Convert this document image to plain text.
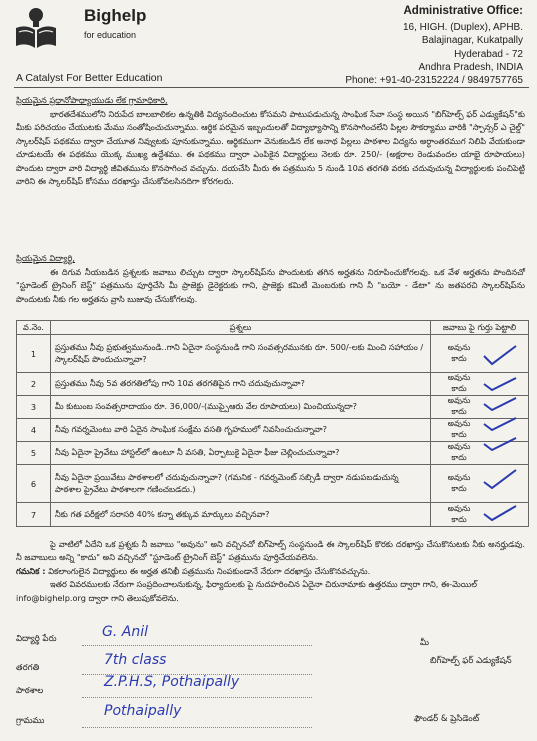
Bighelp
for education
A Catalyst For Better Education
Administrative Office:
16, HIGH. (Duplex), APHB.
Balajinagar, Kukatpally
Hyderabad - 72
Andhra Pradesh, INDIA
Phone: +91-40-23152224 / 9849757765

ప్రియమైన ప్రధానోపాధ్యాయుడు లేక గ్రామాధికారి,

భారతదేశములోని నిరుపేద బాలబాలికల ఉన్నతికి విద్యనందించుట కోసమని పాటుపడుచున్న సాంఘిక సేవా సంస్థ అయిన "బిగ్‌హెల్ప్ ఫర్ ఎడ్యుకేషన్"కు మీకు పరిచయం చేయుటకు మేము సంతోషించుచున్నాము. ఆర్థిక పరమైన ఇబ్బందులతో విద్యాభ్యాసాన్ని కొనసాగించలేని పిల్లల సౌకర్యాము వారికి "స్పాన్సర్ ఎ చైల్డ్" స్కాలర్‌షిప్ పథకము ద్వారా చేయూత నివ్వుటకు పూనుకున్నాము. ఆర్థికముగా వెనుకబడిన లేక అనాథ పిల్లలు పాఠశాల విద్యను అర్ధాంతరముగ నిలిపి వేయకుండా చూడుటయే ఈ పథకము యొక్క ముఖ్య ఉద్దేశము. ఈ పథకము ద్వారా ఎంపికైన విద్యార్థులు నెలకు రూ. 250/- (అక్షరాల రెండువందల యాభై రూపాయలు) పొందుట ద్వారా వారి విద్యార్థి జీవితమును కొనసాగించ వచ్చును. దయచేసి మీరు ఈ పత్రమును 5 నుండి 10వ తరగతి వరకు చదువుచున్న విద్యార్థులకు పంచిపెట్టి వారిని ఈ స్కాలర్‌షిప్ కోసము దరఖాస్తు చేసుకోవలసినదిగా కోరగలరు.

ప్రియమైన విద్యార్థి,

ఈ దిగువ నీయబడిన ప్రశ్నలకు జవాబు లిచ్చుట ద్వారా స్కాలర్‌షిప్‌ను పొందుటకు తగిన అర్హతను నిరూపించుకోగలవు. ఒక వేళ అర్హతను పొందినచో "స్టూడెంట్ ట్రైనింగ్ బెస్ట్" పత్రమును పూర్తిచేసి మీ ప్రాజెక్టు డైరెక్టరుకు గాని, ప్రాజెక్టు కమిటీ మెంబరుకు గాని నీ "బయో - డేటా" ను జతపరచి స్కాలర్‌షిప్‌ను పొందుటకు నీకు గల అర్హతను వ్రాసి బుజువు చేసుకోగలవు.

వ.నెం.	ప్రశ్నలు	జవాబు పై గుర్తు పెట్టాలి
1	ప్రస్తుతము నీవు ప్రభుత్వమునుండి..గాని ఏదైనా సంస్థనుండి గాని సంవత్సరమునకు రూ. 500/-లకు మించి సహాయం / స్కాలర్‌షిప్ పొందుచున్నావా?	అవునుకాదు
2	ప్రస్తుతము నీవు 5వ తరగతిలోపు గాని 10వ తరగతిపైన గాని చదువుచున్నావా?	అవునుకాదు
3	మీ కుటుంబ సంవత్సరాదాయం రూ. 36,000/-(ముప్పైఆరు వేల రూపాయలు) మించియున్నదా?	అవునుకాదు
4	నీవు గవర్నమెంటు వారి ఏదైన సాంఘిక సంక్షేమ వసతి గృహములో నివసించుచున్నావా?	అవునుకాదు
5	నీవు ఏదైనా ప్రైవేటు హాస్టల్‌లో ఉంటూ నీ వసతి, ఏర్పాటుకై ఏదైనా ఫీజు చెల్లించుచున్నావా?	అవునుకాదు
6	నీవు ఏదైనా ప్రయివేటు పాఠశాలలో చదువుచున్నావా? (గమనిక - గవర్నమెంట్ సబ్సిడీ ద్వారా నడుపబడుచున్న పాఠశాల ప్రైవేటు పాఠశాలగా గణించబడదు.)	అవునుకాదు
7	నీకు గత పరీక్షలో సరాసరి 40% కన్నా తక్కువ మార్కులు వచ్చినవా?	అవునుకాదు

పై వాటిలో ఏదేని ఒక ప్రశ్నకు నీ జవాబు "అవును" అని వచ్చినచో బిగ్‌హెల్ప్ సంస్థనుండి ఈ స్కాలర్‌షిప్ కొరకు దరఖాస్తు చేసుకొనుటకు నీకు అనర్హుడవు. నీ జవాబులు అన్ని "కాదు" అని వచ్చినచో "స్టూడెంట్ ట్రైనింగ్ బెస్ట్" పత్రమును పూర్తిచేయవలెను.

గమనిక : వికలాంగులైన విద్యార్థులు ఈ అర్హత తనిఖీ పత్రమును నింపకుండానే నేరుగా దరఖాస్తు చేసుకొనవచ్చును.

ఇతర వివరములకు నేరుగా సంప్రదించాలనుకున్న, ఫిర్యాదులకు పై నుదహరించిన ఏదైనా చిరునామాకు ఉత్తరము ద్వారా గాని, ఈ-మెయిల్

info@bighelp.org ద్వారా గాని తెలుపుకోవలెను.

విద్యార్థి పేరు	G. Anil
తరగతి	7th class
పాఠశాల
Z.P.H.S, Pothaipally
గ్రామము
Pothaipally
మీ
బిగ్‌హెల్ప్ ఫర్ ఎడ్యుకేషన్
ఫౌండర్ & ప్రెసిడెంట్
